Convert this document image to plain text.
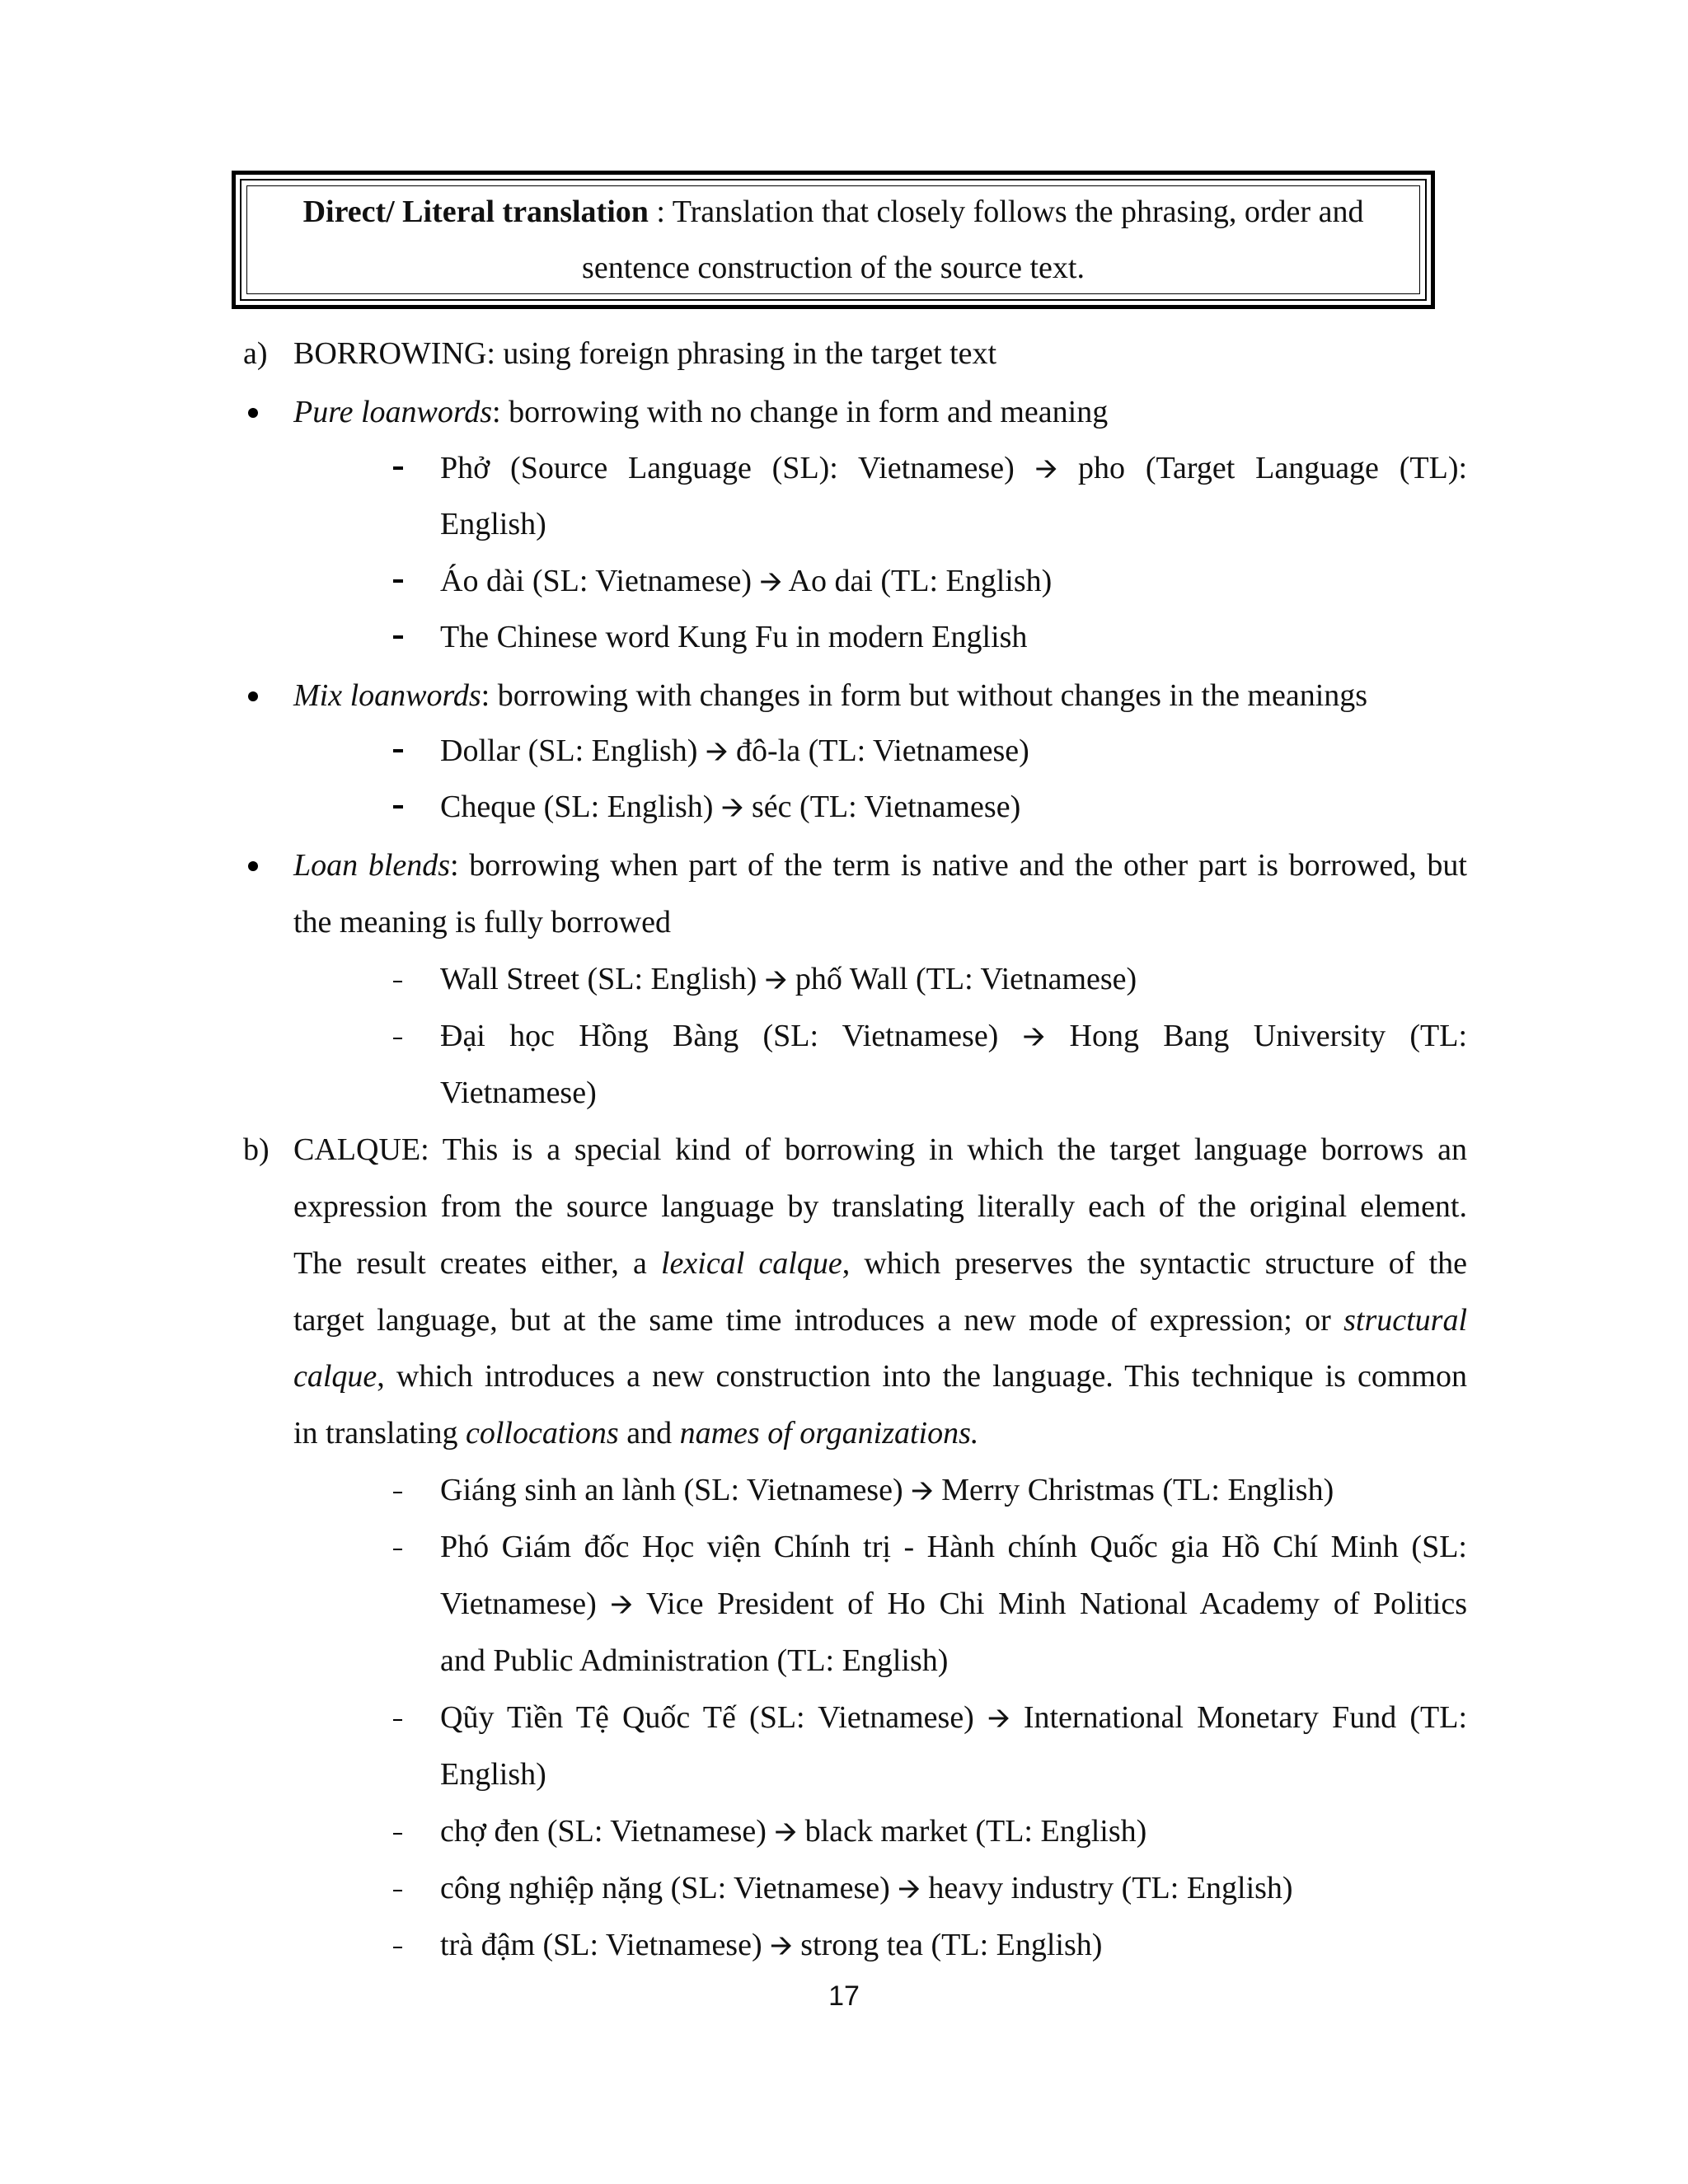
Direct/ Literal translation : Translation that closely follows the phrasing, order and
sentence construction of the source text.
a) BORROWING: using foreign phrasing in the target text
Pure loanwords: borrowing with no change in form and meaning
Phở (Source Language (SL): Vietnamese) 🡪 pho (Target Language (TL):
English)
Áo dài (SL: Vietnamese) 🡪 Ao dai (TL: English)
The Chinese word Kung Fu in modern English
Mix loanwords: borrowing with changes in form but without changes in the meanings
Dollar (SL: English) 🡪 đô-la (TL: Vietnamese)
Cheque (SL: English) 🡪 séc (TL: Vietnamese)
Loan blends: borrowing when part of the term is native and the other part is borrowed, but
the meaning is fully borrowed
Wall Street (SL: English) 🡪 phố Wall (TL: Vietnamese)
Đại học Hồng Bàng (SL: Vietnamese) 🡪 Hong Bang University (TL:
Vietnamese)
b) CALQUE: This is a special kind of borrowing in which the target language borrows an
expression from the source language by translating literally each of the original element.
The result creates either, a lexical calque, which preserves the syntactic structure of the
target language, but at the same time introduces a new mode of expression; or structural
calque, which introduces a new construction into the language. This technique is common
in translating collocations and names of organizations.
Giáng sinh an lành (SL: Vietnamese) 🡪 Merry Christmas (TL: English)
Phó Giám đốc Học viện Chính trị - Hành chính Quốc gia Hồ Chí Minh (SL:
Vietnamese) 🡪 Vice President of Ho Chi Minh National Academy of Politics
and Public Administration (TL: English)
Qũy Tiền Tệ Quốc Tế (SL: Vietnamese) 🡪 International Monetary Fund (TL:
English)
chợ đen (SL: Vietnamese) 🡪 black market (TL: English)
công nghiệp nặng (SL: Vietnamese) 🡪 heavy industry (TL: English)
trà đậm (SL: Vietnamese) 🡪 strong tea (TL: English)
17
